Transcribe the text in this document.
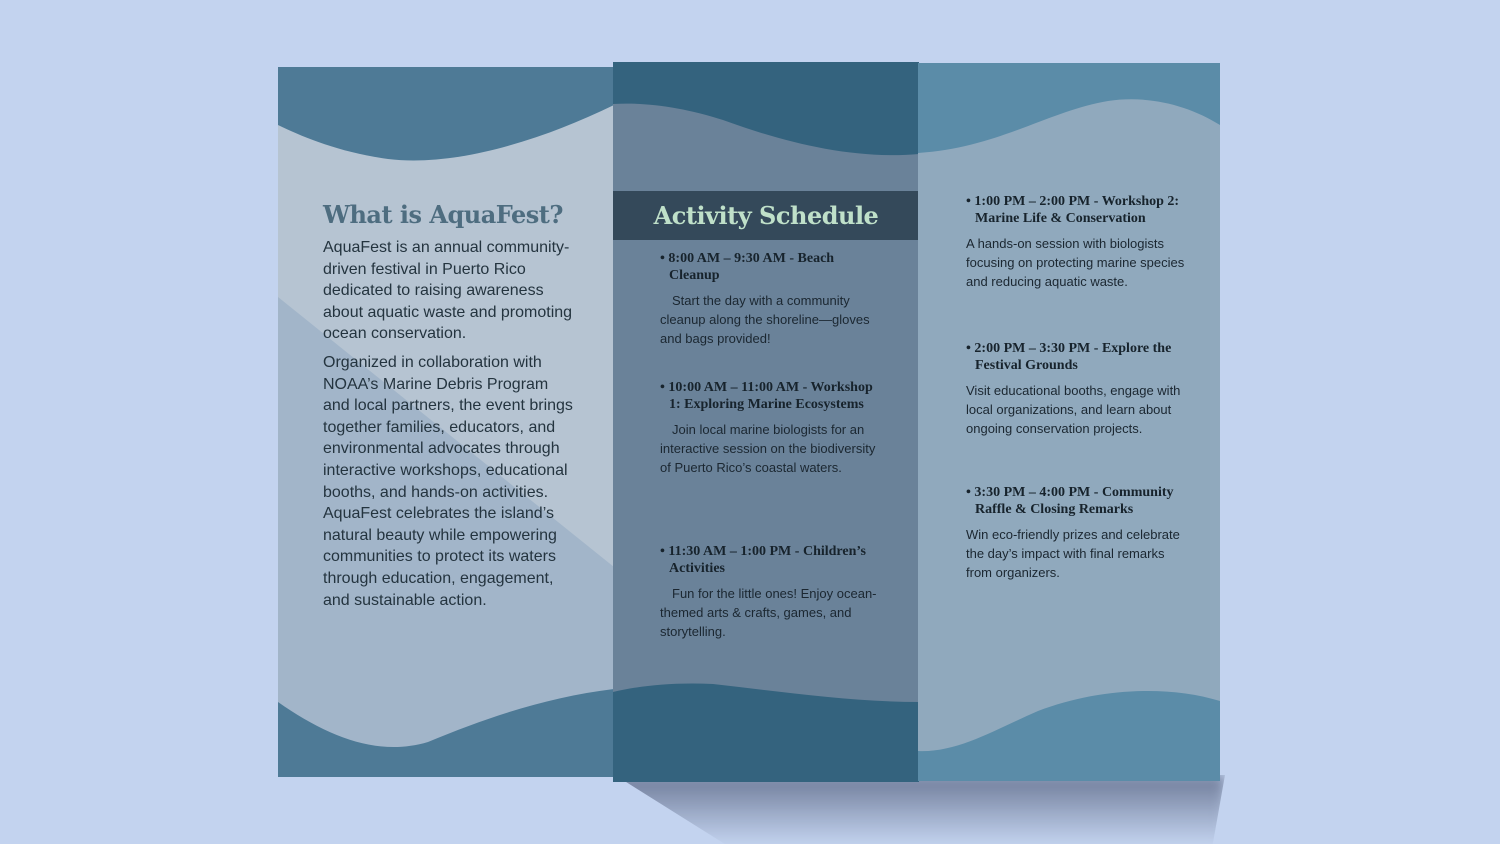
What is AquaFest?

AquaFest is an annual community-driven festival in Puerto Rico dedicated to raising awareness about aquatic waste and promoting ocean conservation.

Organized in collaboration with NOAA’s Marine Debris Program and local partners, the event brings together families, educators, and environmental advocates through interactive workshops, educational booths, and hands-on activities. AquaFest celebrates the island’s natural beauty while empowering communities to protect its waters through education, engagement, and sustainable action.

Activity Schedule
• 8:00 AM – 9:30 AM - Beach Cleanup
Start the day with a community cleanup along the shoreline—gloves and bags provided!
• 10:00 AM – 11:00 AM - Workshop 1: Exploring Marine Ecosystems
Join local marine biologists for an interactive session on the biodiversity of Puerto Rico’s coastal waters.
• 11:30 AM – 1:00 PM - Children’s Activities
Fun for the little ones! Enjoy ocean-themed arts & crafts, games, and storytelling.
• 1:00 PM – 2:00 PM - Workshop 2: Marine Life & Conservation
A hands-on session with biologists focusing on protecting marine species and reducing aquatic waste.
• 2:00 PM – 3:30 PM - Explore the Festival Grounds
Visit educational booths, engage with local organizations, and learn about ongoing conservation projects.
• 3:30 PM – 4:00 PM - Community Raffle & Closing Remarks
Win eco-friendly prizes and celebrate the day’s impact with final remarks from organizers.
